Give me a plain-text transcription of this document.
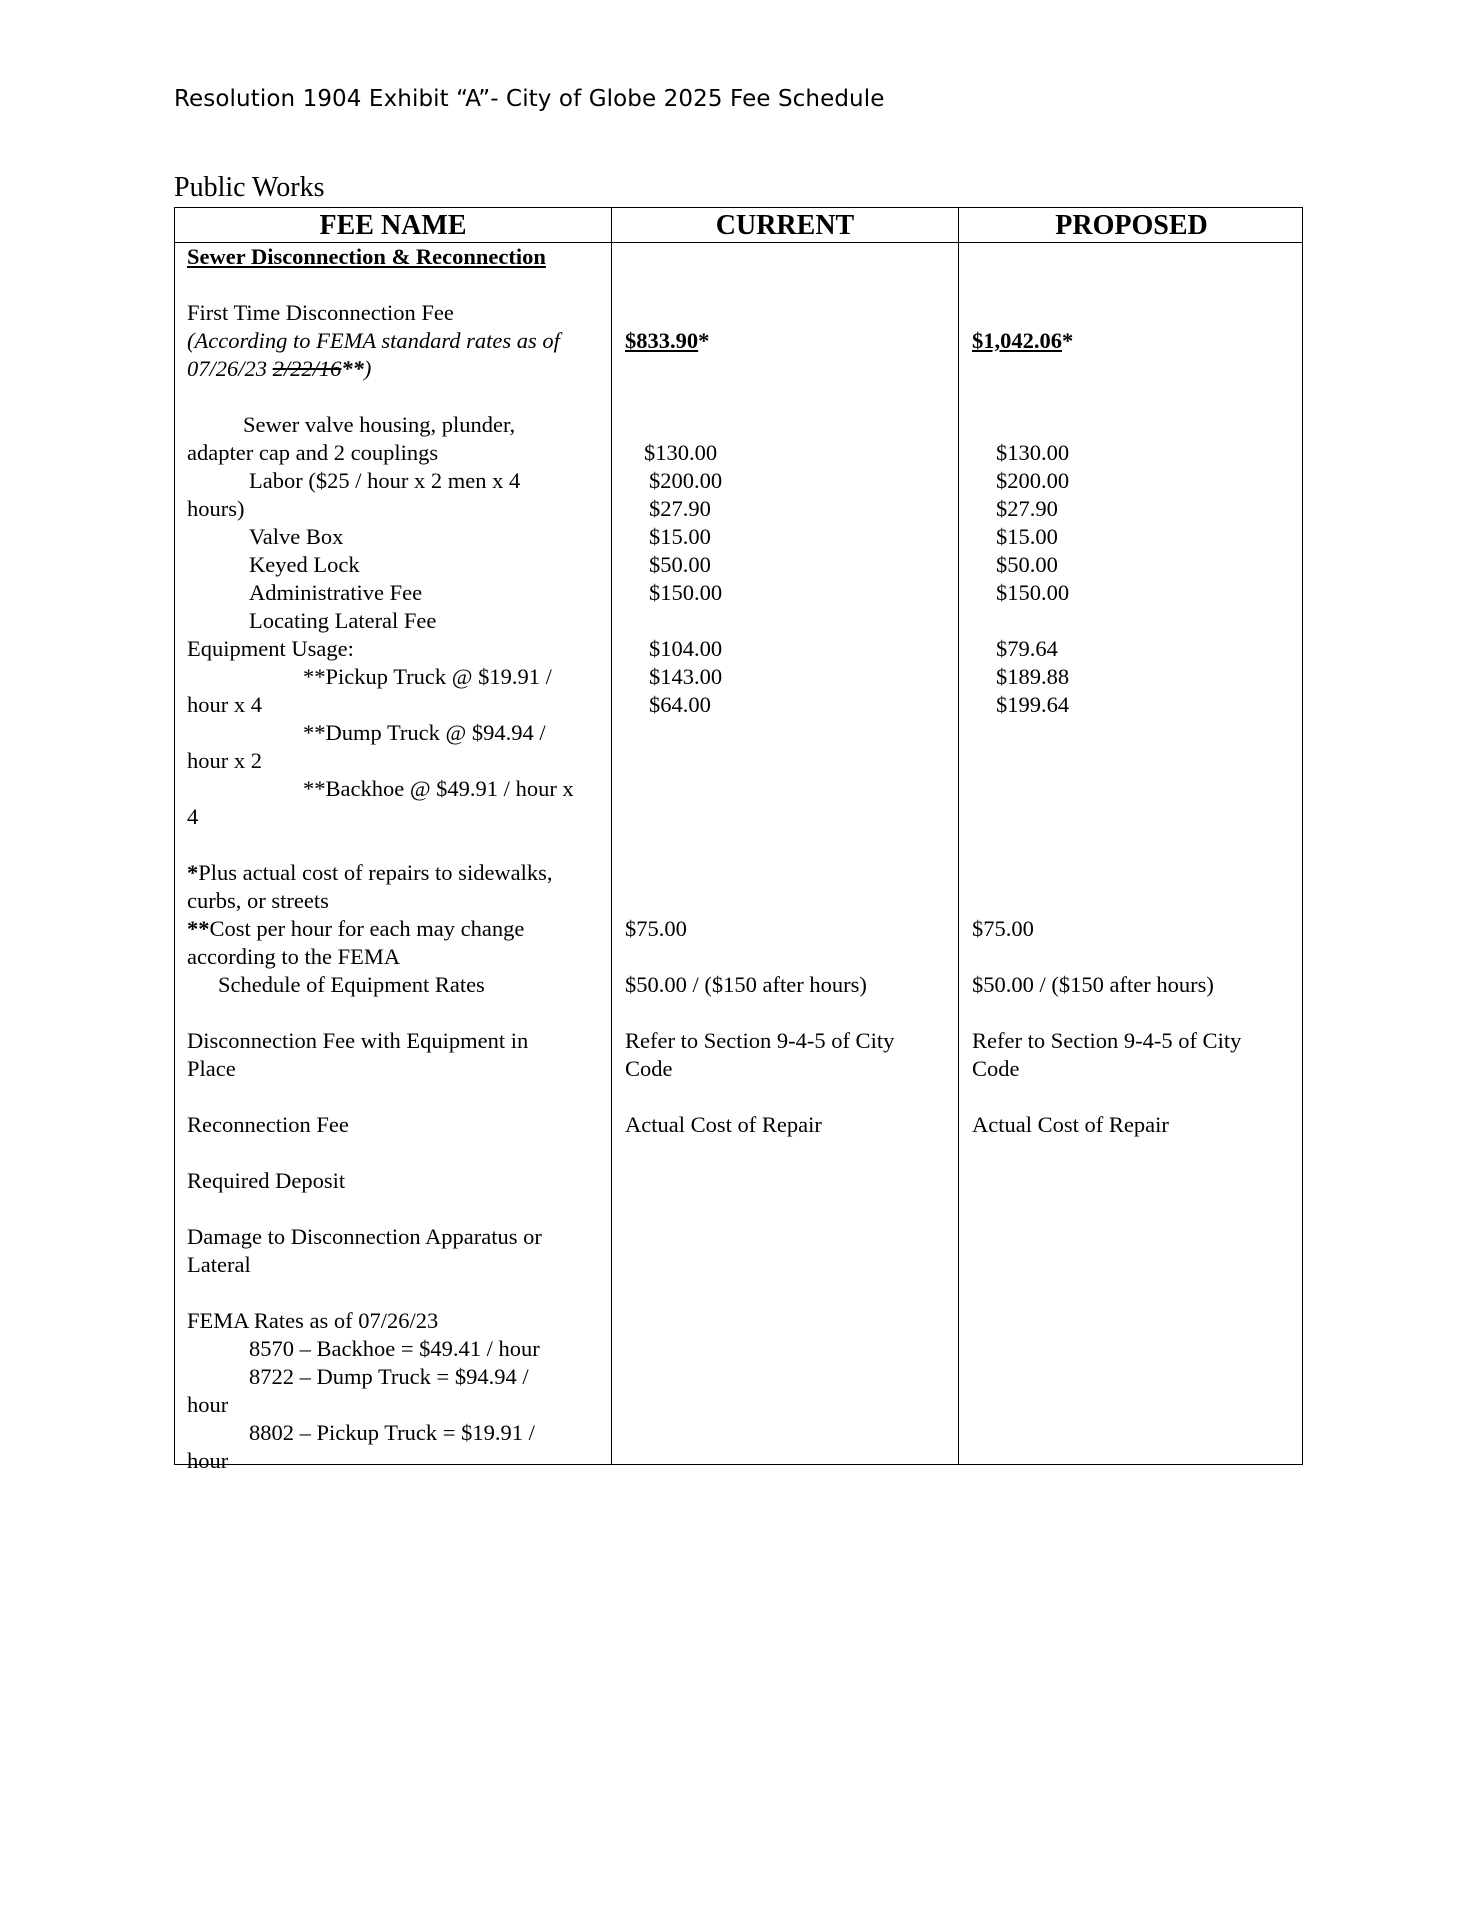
Resolution 1904 Exhibit “A”- City of Globe 2025 Fee Schedule
Public Works
FEE NAME	CURRENT	PROPOSED
Sewer Disconnection & Reconnection
First Time Disconnection Fee
(According to FEMA standard rates as of
07/26/23 2/22/16**)
Sewer valve housing, plunder,
adapter cap and 2 couplings
Labor ($25 / hour x 2 men x 4
hours)
Valve Box
Keyed Lock
Administrative Fee
Locating Lateral Fee
Equipment Usage:
**Pickup Truck @ $19.91 /
hour x 4
**Dump Truck @ $94.94 /
hour x 2
**Backhoe @ $49.91 / hour x
4
*Plus actual cost of repairs to sidewalks,
curbs, or streets
**Cost per hour for each may change
according to the FEMA
Schedule of Equipment Rates
Disconnection Fee with Equipment in
Place
Reconnection Fee
Required Deposit
Damage to Disconnection Apparatus or
Lateral
FEMA Rates as of 07/26/23
8570 – Backhoe = $49.41 / hour
8722 – Dump Truck = $94.94 /
hour
8802 – Pickup Truck = $19.91 /
hour
$833.90*
$130.00
$200.00
$27.90
$15.00
$50.00
$150.00
$104.00
$143.00
$64.00
$75.00
$50.00 / ($150 after hours)
Refer to Section 9-4-5 of City
Code
Actual Cost of Repair
$1,042.06*
$130.00
$200.00
$27.90
$15.00
$50.00
$150.00
$79.64
$189.88
$199.64
$75.00
$50.00 / ($150 after hours)
Refer to Section 9-4-5 of City
Code
Actual Cost of Repair
